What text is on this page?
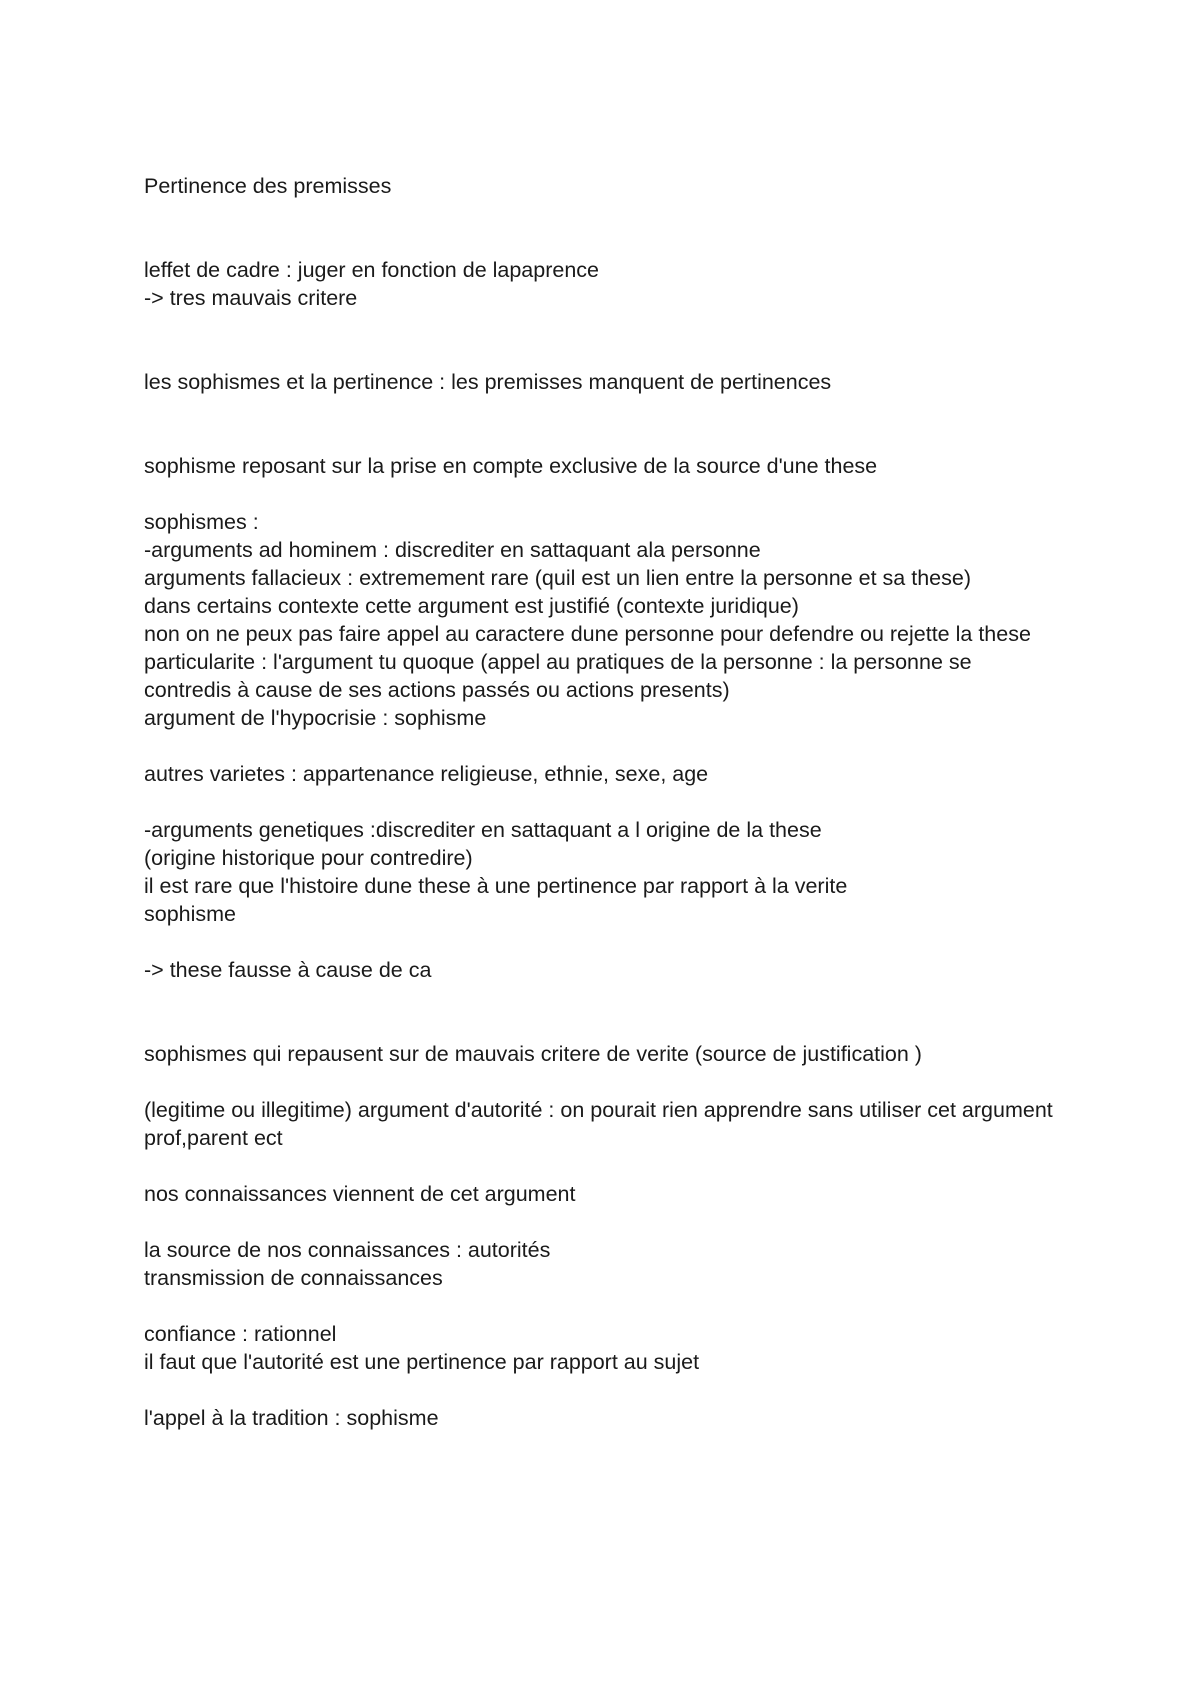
Pertinence des premisses
leffet de cadre : juger en fonction de lapaprence
-> tres mauvais critere
les sophismes et la pertinence : les premisses manquent de pertinences
sophisme reposant sur la prise en compte exclusive de la source d'une these
sophismes :
-arguments ad hominem : discrediter en sattaquant ala personne
arguments fallacieux : extremement rare (quil est un lien entre la personne et sa these)
dans certains contexte cette argument est justifié (contexte juridique)
non on ne peux pas faire appel au caractere dune personne pour defendre ou rejette la these
particularite : l'argument tu quoque (appel au pratiques de la personne : la personne se contredis à cause de ses actions passés ou actions presents)
argument de l'hypocrisie : sophisme
autres varietes : appartenance religieuse, ethnie, sexe, age
-arguments genetiques :discrediter en sattaquant a l origine de la these
(origine historique pour contredire)
il est rare que l'histoire dune these à une pertinence par rapport à la verite
sophisme
-> these fausse à cause de ca
sophismes qui repausent sur de mauvais critere de verite (source de justification )
(legitime ou illegitime) argument d'autorité : on pourait rien apprendre sans utiliser cet argument
prof,parent ect
nos connaissances viennent de cet argument
la source de nos connaissances : autorités
transmission de connaissances
confiance : rationnel
il faut que l'autorité est une pertinence par rapport au sujet
l'appel à la tradition : sophisme
